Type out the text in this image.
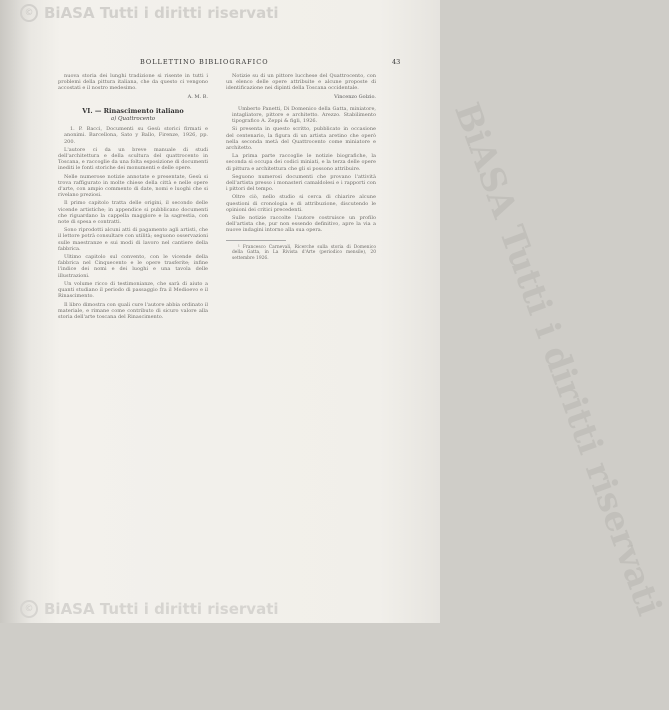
© BiASA Tutti i diritti riservati
BiASA Tutti i diritti riservati
BOLLETTINO BIBLIOGRAFICO	43

nuova storia dei lunghi tradizione si risente in tutti i problemi della pittura italiana, che da questo ci vengono accostati e il nostro medesimo.

A. M. B.
VI. — Rinascimento italiano
a) Quattrocento

1. P. Bacci, Documenti su Gesù storici firmati e anonimi. Barcellona, Sato y Ballo, Firenze, 1926, pp. 200.

L'autore ci da un breve manuale di studi dell'architettura e della scultura del quattrocento in Toscana, e raccoglie da una folta esposizione di documenti inediti le fonti storiche dei monumenti e delle opere.

Nelle numerose notizie annotate e presentate, Gesù si trova raffigurato in molte chiese della città e nelle opere d'arte, con ampio commento di date, nomi e luoghi che si rivelano preziosi.

Il primo capitolo tratta delle origini, il secondo delle vicende artistiche; in appendice si pubblicano documenti che riguardano la cappella maggiore e la sagrestia, con note di spesa e contratti.

Sono riprodotti alcuni atti di pagamento agli artisti, che il lettore potrà consultare con utilità; seguono osservazioni sulle maestranze e sui modi di lavoro nel cantiere della fabbrica.

Ultimo capitolo sul convento, con le vicende della fabbrica nel Cinquecento e le opere trasferite; infine l'indice dei nomi e dei luoghi e una tavola delle illustrazioni.

Un volume ricco di testimonianze, che sarà di aiuto a quanti studiano il periodo di passaggio fra il Medioevo e il Rinascimento.

Il libro dimostra con quali cure l'autore abbia ordinato il materiale, e rimane come contributo di sicuro valore alla storia dell'arte toscana del Rinascimento.

Notizie su di un pittore lucchese del Quattrocento, con un elenco delle opere attribuite e alcune proposte di identificazione nei dipinti della Toscana occidentale.

Vincenzo Golzio.

Umberto Panetti, Di Domenico della Gatta, miniatore, intagliatore, pittore e architetto. Arezzo. Stabilimento tipografico A. Zeppi & figli, 1926.

Si presenta in questo scritto, pubblicato in occasione del centenario, la figura di un artista aretino che operò nella seconda metà del Quattrocento come miniatore e architetto.

La prima parte raccoglie le notizie biografiche, la seconda si occupa dei codici miniati, e la terza delle opere di pittura e architettura che gli si possono attribuire.

Seguono numerosi documenti che provano l'attività dell'artista presso i monasteri camaldolesi e i rapporti con i pittori del tempo.

Oltre ciò, nello studio si cerca di chiarire alcune questioni di cronologia e di attribuzione, discutendo le opinioni dei critici precedenti.

Sulle notizie raccolte l'autore costruisce un profilo dell'artista che, pur non essendo definitivo, apre la via a nuove indagini intorno alla sua opera.

¹ Francesco Carnevali, Ricerche sulla storia di Domenico della Gatta, in La Rivista d'Arte (periodico mensile), 20 settembre 1926.

© BiASA Tutti i diritti riservati
